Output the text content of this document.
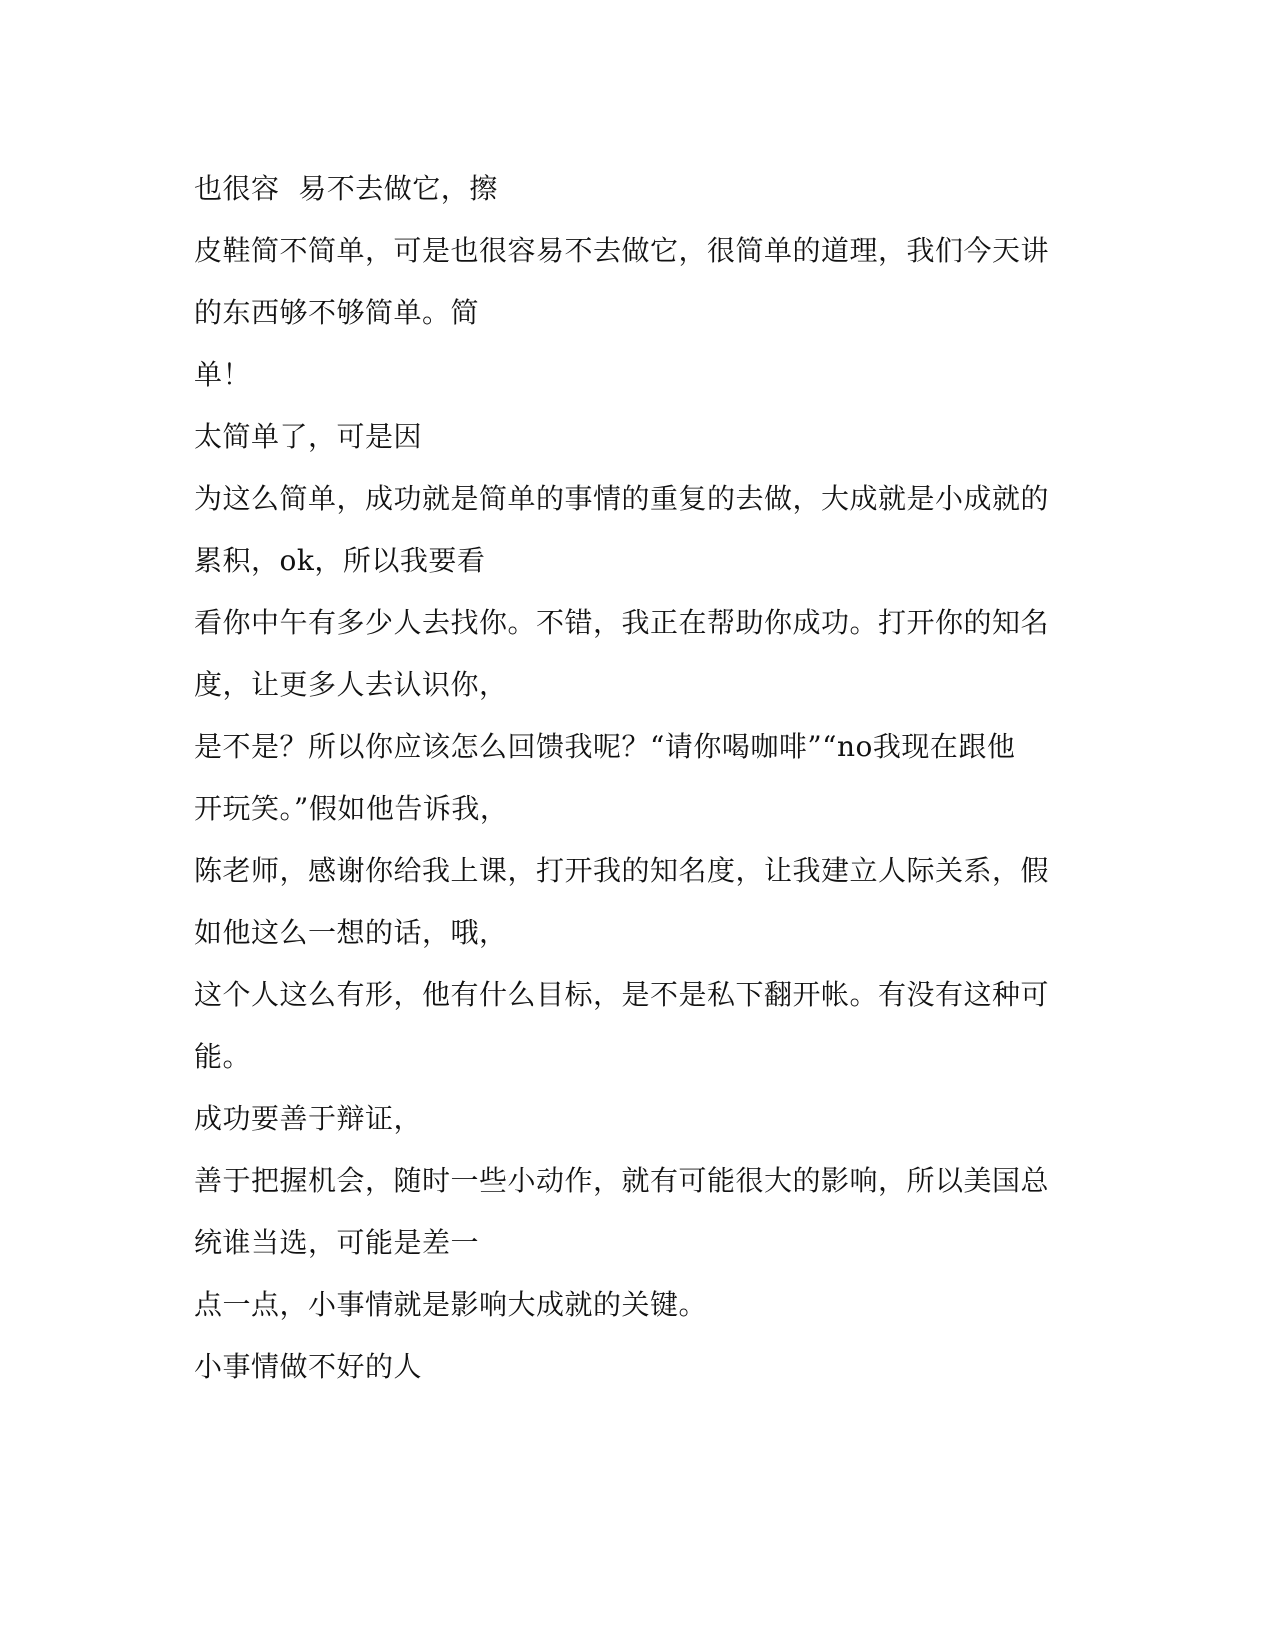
也很容  易不去做它，擦

皮鞋简不简单，可是也很容易不去做它，很简单的道理，我们今天讲

的东西够不够简单。简

单！

太简单了，可是因

为这么简单，成功就是简单的事情的重复的去做，大成就是小成就的

累积，ok，所以我要看

看你中午有多少人去找你。不错，我正在帮助你成功。打开你的知名

度，让更多人去认识你，

是不是？所以你应该怎么回馈我呢？“请你喝咖啡”“no我现在跟他

开玩笑。”假如他告诉我，

陈老师，感谢你给我上课，打开我的知名度，让我建立人际关系，假

如他这么一想的话，哦，

这个人这么有形，他有什么目标，是不是私下翻开帐。有没有这种可

能。

成功要善于辩证，

善于把握机会，随时一些小动作，就有可能很大的影响，所以美国总

统谁当选，可能是差一

点一点，小事情就是影响大成就的关键。

小事情做不好的人
